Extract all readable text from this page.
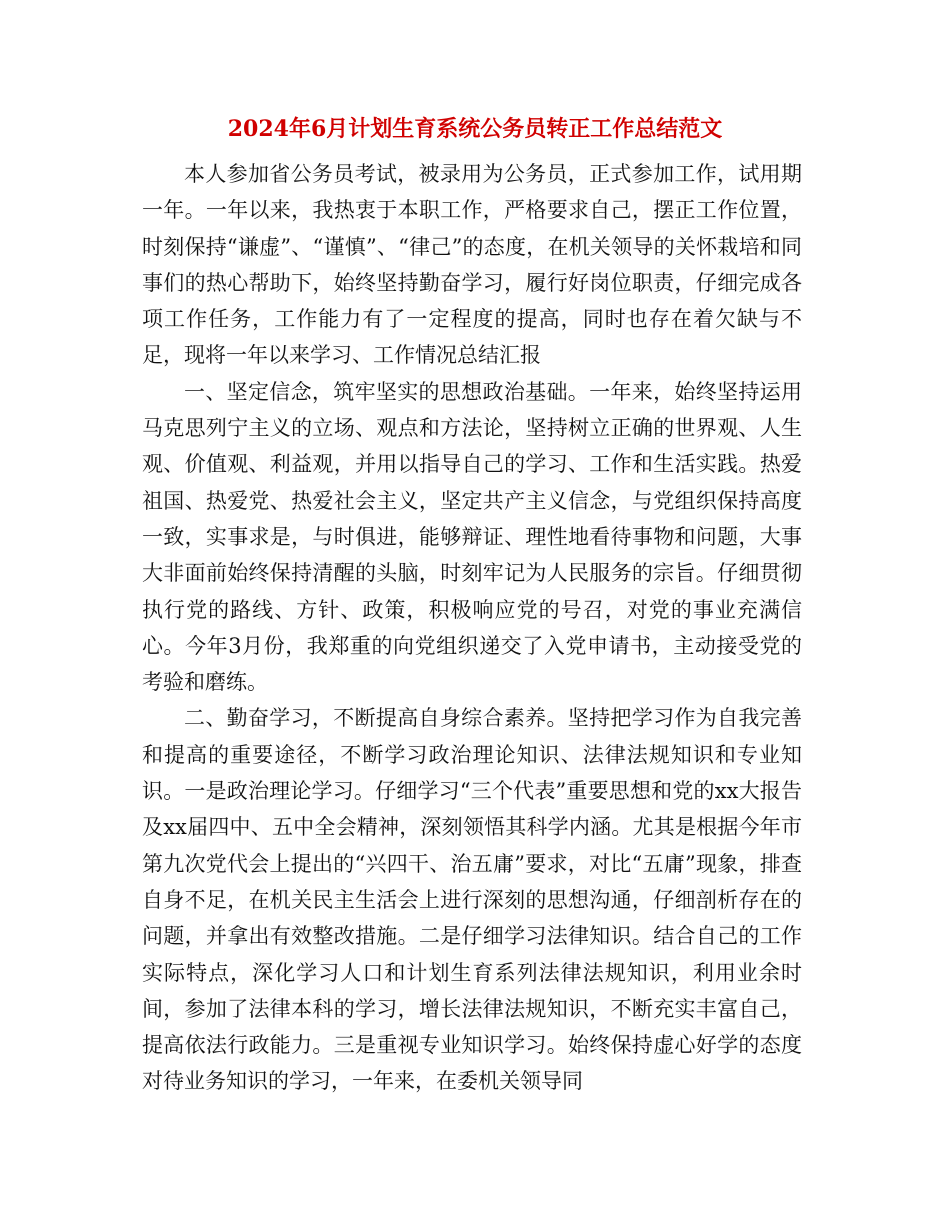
2024年6月计划生育系统公务员转正工作总结范文

本人参加省公务员考试，被录用为公务员，正式参加工作，试用期一年。一年以来，我热衷于本职工作，严格要求自己，摆正工作位置，时刻保持“谦虚”、“谨慎”、“律己”的态度，在机关领导的关怀栽培和同事们的热心帮助下，始终坚持勤奋学习，履行好岗位职责，仔细完成各项工作任务，工作能力有了一定程度的提高，同时也存在着欠缺与不足，现将一年以来学习、工作情况总结汇报

一、坚定信念，筑牢坚实的思想政治基础。一年来，始终坚持运用马克思列宁主义的立场、观点和方法论，坚持树立正确的世界观、人生观、价值观、利益观，并用以指导自己的学习、工作和生活实践。热爱祖国、热爱党、热爱社会主义，坚定共产主义信念，与党组织保持高度一致，实事求是，与时俱进，能够辩证、理性地看待事物和问题，大事大非面前始终保持清醒的头脑，时刻牢记为人民服务的宗旨。仔细贯彻执行党的路线、方针、政策，积极响应党的号召，对党的事业充满信心。今年3月份，我郑重的向党组织递交了入党申请书，主动接受党的考验和磨练。

二、勤奋学习，不断提高自身综合素养。坚持把学习作为自我完善和提高的重要途径，不断学习政治理论知识、法律法规知识和专业知识。一是政治理论学习。仔细学习“三个代表”重要思想和党的xx大报告及xx届四中、五中全会精神，深刻领悟其科学内涵。尤其是根据今年市第九次党代会上提出的“兴四干、治五庸”要求，对比“五庸”现象，排查自身不足，在机关民主生活会上进行深刻的思想沟通，仔细剖析存在的问题，并拿出有效整改措施。二是仔细学习法律知识。结合自己的工作实际特点，深化学习人口和计划生育系列法律法规知识，利用业余时间，参加了法律本科的学习，增长法律法规知识，不断充实丰富自己，提高依法行政能力。三是重视专业知识学习。始终保持虚心好学的态度对待业务知识的学习，一年来，在委机关领导同
